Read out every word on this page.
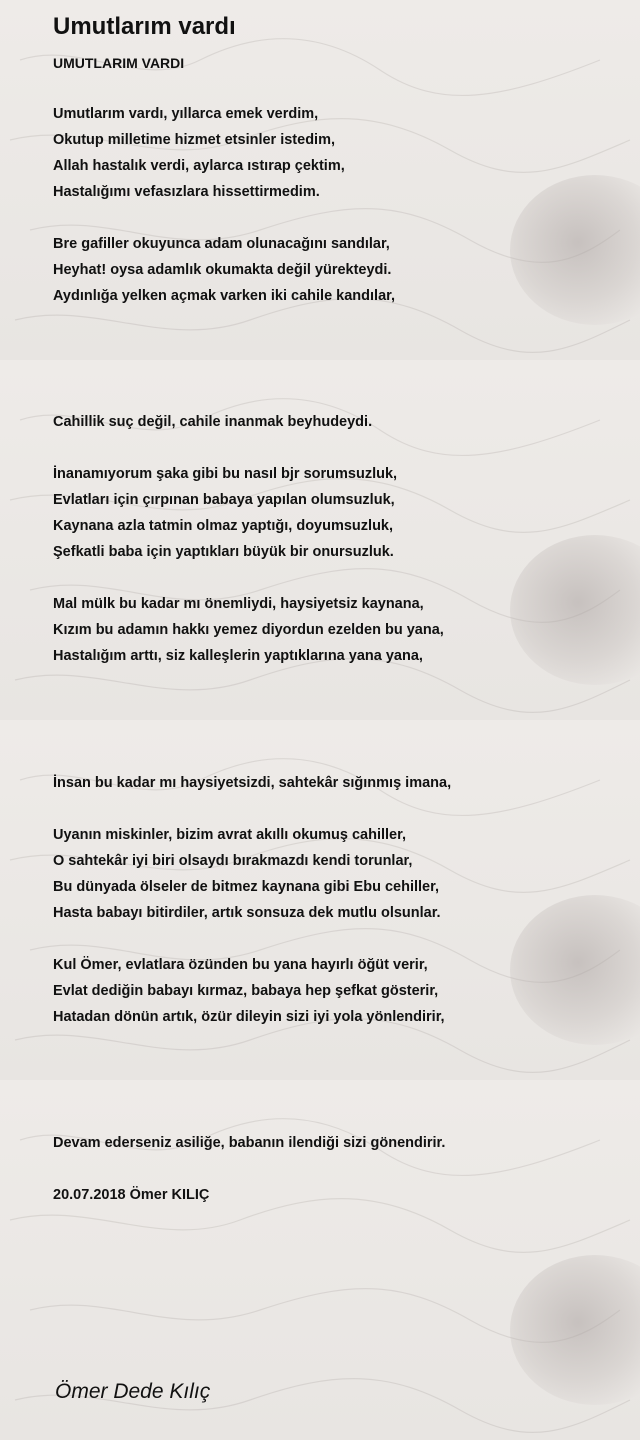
Umutlarım vardı

UMUTLARIM VARDI

Umutlarım vardı, yıllarca emek verdim,

Okutup milletime hizmet etsinler istedim,

Allah hastalık verdi, aylarca ıstırap çektim,

Hastalığımı vefasızlara hissettirmedim.

Bre gafiller okuyunca adam olunacağını sandılar,

Heyhat! oysa adamlık okumakta değil yürekteydi.

Aydınlığa yelken açmak varken iki cahile kandılar,

Cahillik suç değil, cahile inanmak beyhudeydi.

İnanamıyorum şaka gibi bu nasıl bjr sorumsuzluk,

Evlatları için çırpınan babaya yapılan olumsuzluk,

Kaynana azla tatmin olmaz yaptığı, doyumsuzluk,

Şefkatli baba için yaptıkları büyük bir onursuzluk.

Mal mülk bu kadar mı önemliydi, haysiyetsiz kaynana,

Kızım bu adamın hakkı yemez diyordun ezelden bu yana,

Hastalığım arttı, siz kalleşlerin yaptıklarına yana yana,

İnsan bu kadar mı haysiyetsizdi, sahtekâr sığınmış imana,

Uyanın miskinler, bizim avrat akıllı okumuş cahiller,

O sahtekâr iyi biri olsaydı bırakmazdı kendi torunlar,

Bu dünyada ölseler de bitmez kaynana gibi Ebu cehiller,

Hasta babayı bitirdiler, artık sonsuza dek mutlu olsunlar.

Kul Ömer, evlatlara özünden bu yana hayırlı öğüt verir,

Evlat dediğin babayı kırmaz, babaya hep şefkat gösterir,

Hatadan dönün artık, özür dileyin sizi iyi yola yönlendirir,

Devam ederseniz asiliğe, babanın ilendiği sizi gönendirir.

20.07.2018 Ömer KILIÇ

Ömer Dede Kılıç
